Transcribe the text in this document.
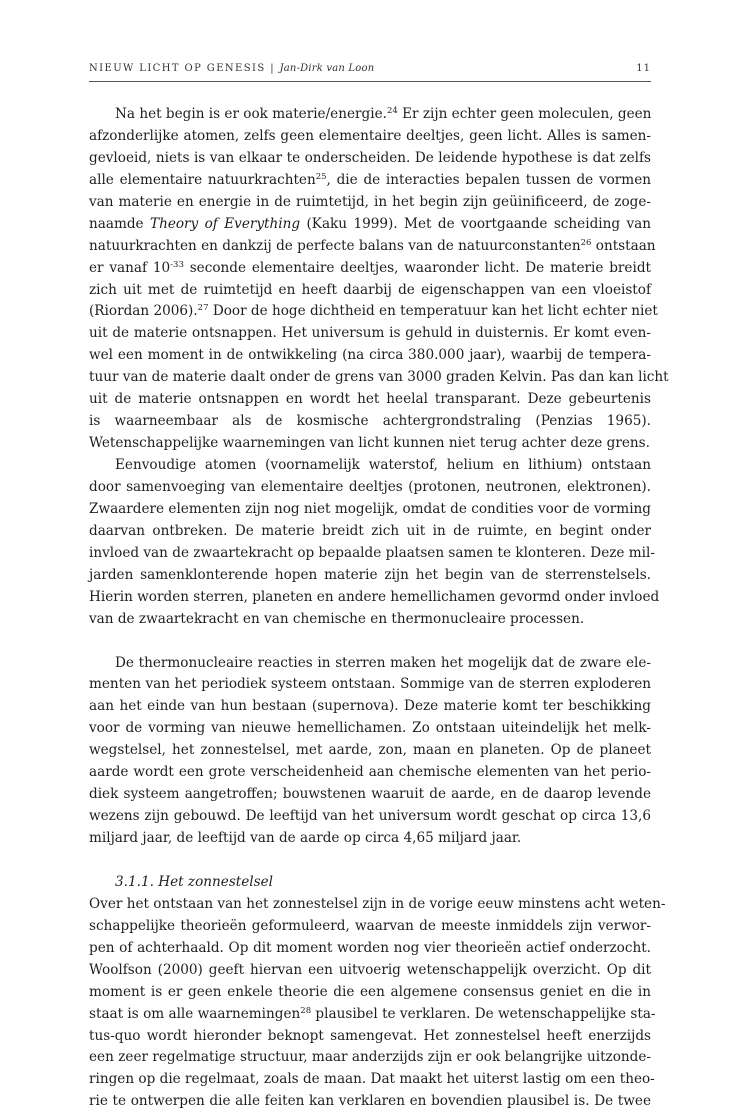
NIEUW LICHT OP GENESIS | Jan-Dirk van Loon	11
Na het begin is er ook materie/energie.$^{24}$ Er zijn echter geen moleculen, geen
afzonderlijke atomen, zelfs geen elementaire deeltjes, geen licht. Alles is samen-
gevloeid, niets is van elkaar te onderscheiden. De leidende hypothese is dat zelfs
alle elementaire natuurkrachten$^{25}$, die de interacties bepalen tussen de vormen
van materie en energie in de ruimtetijd, in het begin zijn geüinificeerd, de zoge-
naamde Theory of Everything (Kaku 1999). Met de voortgaande scheiding van
natuurkrachten en dankzij de perfecte balans van de natuurconstanten$^{26}$ ontstaan
er vanaf $10^{-33}$ seconde elementaire deeltjes, waaronder licht. De materie breidt
zich uit met de ruimtetijd en heeft daarbij de eigenschappen van een vloeistof
(Riordan 2006).$^{27}$ Door de hoge dichtheid en temperatuur kan het licht echter niet
uit de materie ontsnappen. Het universum is gehuld in duisternis. Er komt even-
wel een moment in de ontwikkeling (na circa 380.000 jaar), waarbij de tempera-
tuur van de materie daalt onder de grens van 3000 graden Kelvin. Pas dan kan licht
uit de materie ontsnappen en wordt het heelal transparant. Deze gebeurtenis
is waarneembaar als de kosmische achtergrondstraling (Penzias 1965).
Wetenschappelijke waarnemingen van licht kunnen niet terug achter deze grens.
Eenvoudige atomen (voornamelijk waterstof, helium en lithium) ontstaan
door samenvoeging van elementaire deeltjes (protonen, neutronen, elektronen).
Zwaardere elementen zijn nog niet mogelijk, omdat de condities voor de vorming
daarvan ontbreken. De materie breidt zich uit in de ruimte, en begint onder
invloed van de zwaartekracht op bepaalde plaatsen samen te klonteren. Deze mil-
jarden samenklonterende hopen materie zijn het begin van de sterrenstelsels.
Hierin worden sterren, planeten en andere hemellichamen gevormd onder invloed
van de zwaartekracht en van chemische en thermonucleaire processen.
De thermonucleaire reacties in sterren maken het mogelijk dat de zware ele-
menten van het periodiek systeem ontstaan. Sommige van de sterren exploderen
aan het einde van hun bestaan (supernova). Deze materie komt ter beschikking
voor de vorming van nieuwe hemellichamen. Zo ontstaan uiteindelijk het melk-
wegstelsel, het zonnestelsel, met aarde, zon, maan en planeten. Op de planeet
aarde wordt een grote verscheidenheid aan chemische elementen van het perio-
diek systeem aangetroffen; bouwstenen waaruit de aarde, en de daarop levende
wezens zijn gebouwd. De leeftijd van het universum wordt geschat op circa 13,6
miljard jaar, de leeftijd van de aarde op circa 4,65 miljard jaar.
3.1.1. Het zonnestelsel
Over het ontstaan van het zonnestelsel zijn in de vorige eeuw minstens acht weten-
schappelijke theorieën geformuleerd, waarvan de meeste inmiddels zijn verwor-
pen of achterhaald. Op dit moment worden nog vier theorieën actief onderzocht.
Woolfson (2000) geeft hiervan een uitvoerig wetenschappelijk overzicht. Op dit
moment is er geen enkele theorie die een algemene consensus geniet en die in
staat is om alle waarnemingen$^{28}$ plausibel te verklaren. De wetenschappelijke sta-
tus-quo wordt hieronder beknopt samengevat. Het zonnestelsel heeft enerzijds
een zeer regelmatige structuur, maar anderzijds zijn er ook belangrijke uitzonde-
ringen op die regelmaat, zoals de maan. Dat maakt het uiterst lastig om een theo-
rie te ontwerpen die alle feiten kan verklaren en bovendien plausibel is. De twee
